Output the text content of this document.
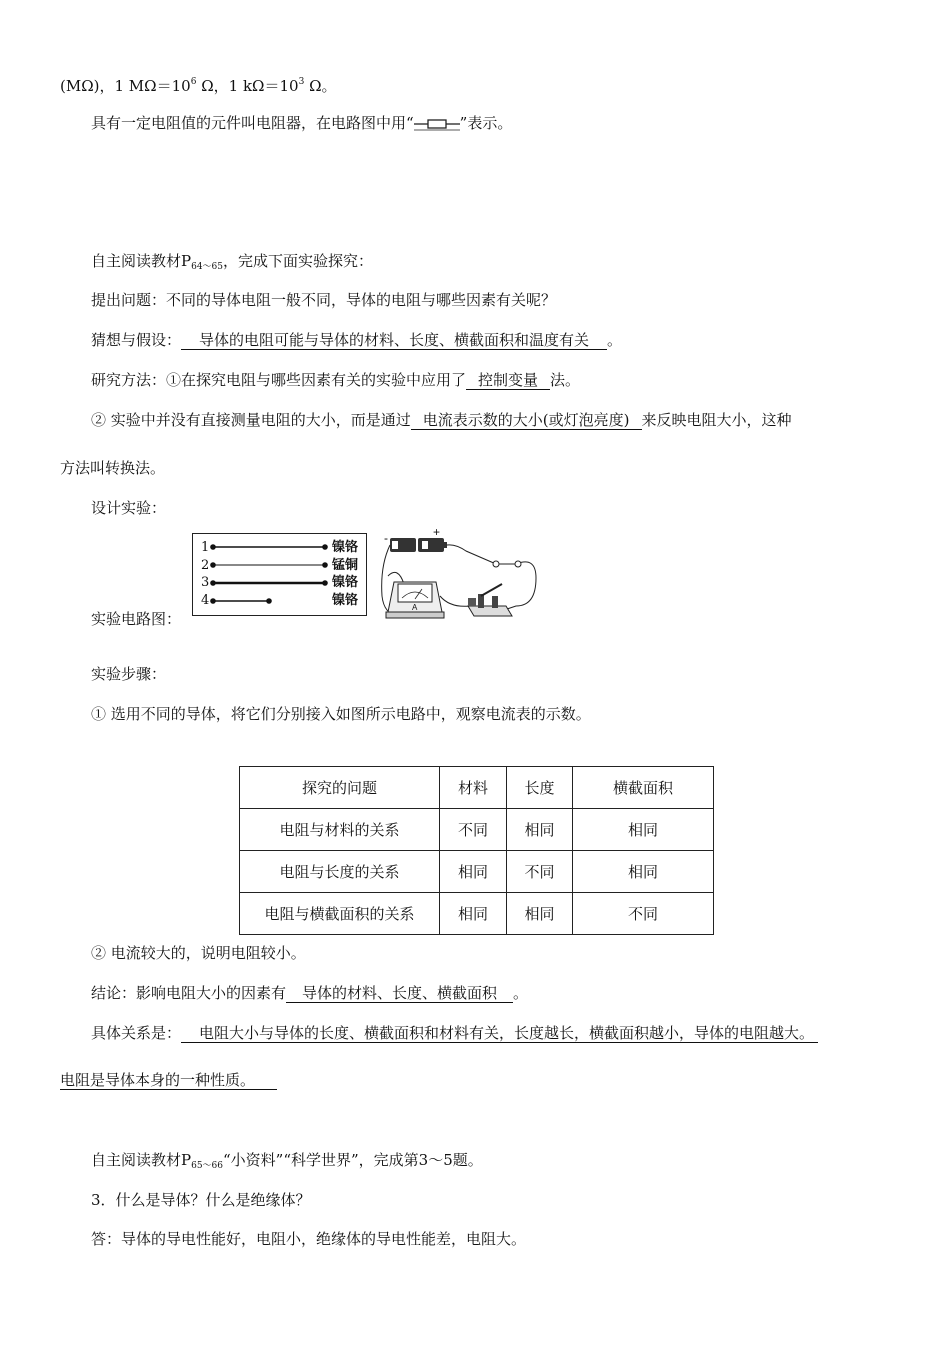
(MΩ)，1 $M\Omega=10^6$ Ω，1 $k\Omega=10^3$ Ω。
具有一定电阻值的元件叫电阻器，在电路图中用“	”表示。
自主阅读教材$P_{64\sim 65}$，完成下面实验探究：
提出问题：不同的导体电阻一般不同，导体的电阻与哪些因素有关呢？
猜想与假设： 导体的电阻可能与导体的材料、长度、横截面积和温度有关 。
研究方法：①在探究电阻与哪些因素有关的实验中应用了 控制变量 法。
② 实验中并没有直接测量电阻的大小，而是通过 电流表示数的大小(或灯泡亮度) 来反映电阻大小，这种
方法叫转换法。
设计实验：
1
2
3
4
镍铬
锰铜
镍铬
镍铬
-	+
A
实验电路图：
实验步骤：
① 选用不同的导体，将它们分别接入如图所示电路中，观察电流表的示数。
探究的问题	材料	长度	横截面积
电阻与材料的关系	不同	相同	相同
电阻与长度的关系	相同	不同	相同
电阻与横截面积的关系	相同	相同	不同
② 电流较大的，说明电阻较小。
结论：影响电阻大小的因素有 导体的材料、长度、横截面积 。
具体关系是： 电阻大小与导体的长度、横截面积和材料有关，长度越长，横截面积越小，导体的电阻越大。
电阻是导体本身的一种性质。
自主阅读教材$P_{65\sim 66}“$小资料”“科学世界”，完成第3～5题。
3．什么是导体？什么是绝缘体？
答：导体的导电性能好，电阻小，绝缘体的导电性能差，电阻大。
